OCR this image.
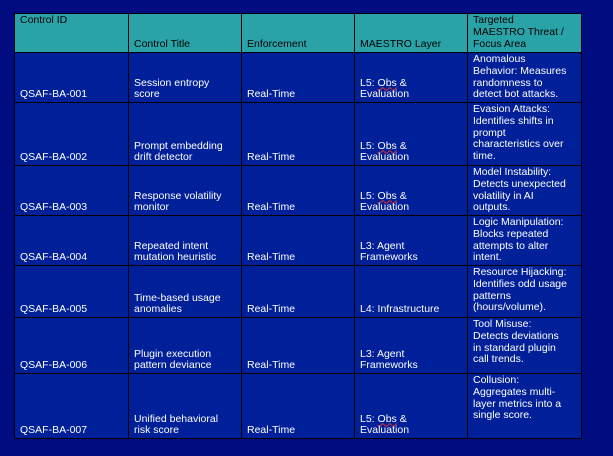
Control ID	Control Title	Enforcement	MAESTRO Layer	Targeted
MAESTRO Threat /
Focus Area

QSAF-BA-001	Session entropy
score	Real-Time	L5: Obs &
Evaluation	Anomalous
Behavior: Measures
randomness to
detect bot attacks.

QSAF-BA-002	Prompt embedding
drift detector	Real-Time	L5: Obs &
Evaluation	Evasion Attacks:
Identifies shifts in
prompt
characteristics over
time.

QSAF-BA-003	Response volatility
monitor	Real-Time	L5: Obs &
Evaluation	Model Instability:
Detects unexpected
volatility in AI
outputs.

QSAF-BA-004	Repeated intent
mutation heuristic	Real-Time	L3: Agent
Frameworks	Logic Manipulation:
Blocks repeated
attempts to alter
intent.

QSAF-BA-005	Time-based usage
anomalies	Real-Time	L4: Infrastructure	Resource Hijacking:
Identifies odd usage
patterns
(hours/volume).

QSAF-BA-006	Plugin execution
pattern deviance	Real-Time	L3: Agent
Frameworks	Tool Misuse:
Detects deviations
in standard plugin
call trends.

QSAF-BA-007	Unified behavioral
risk score	Real-Time	L5: Obs &
Evaluation	Collusion:
Aggregates multi-
layer metrics into a
single score.
